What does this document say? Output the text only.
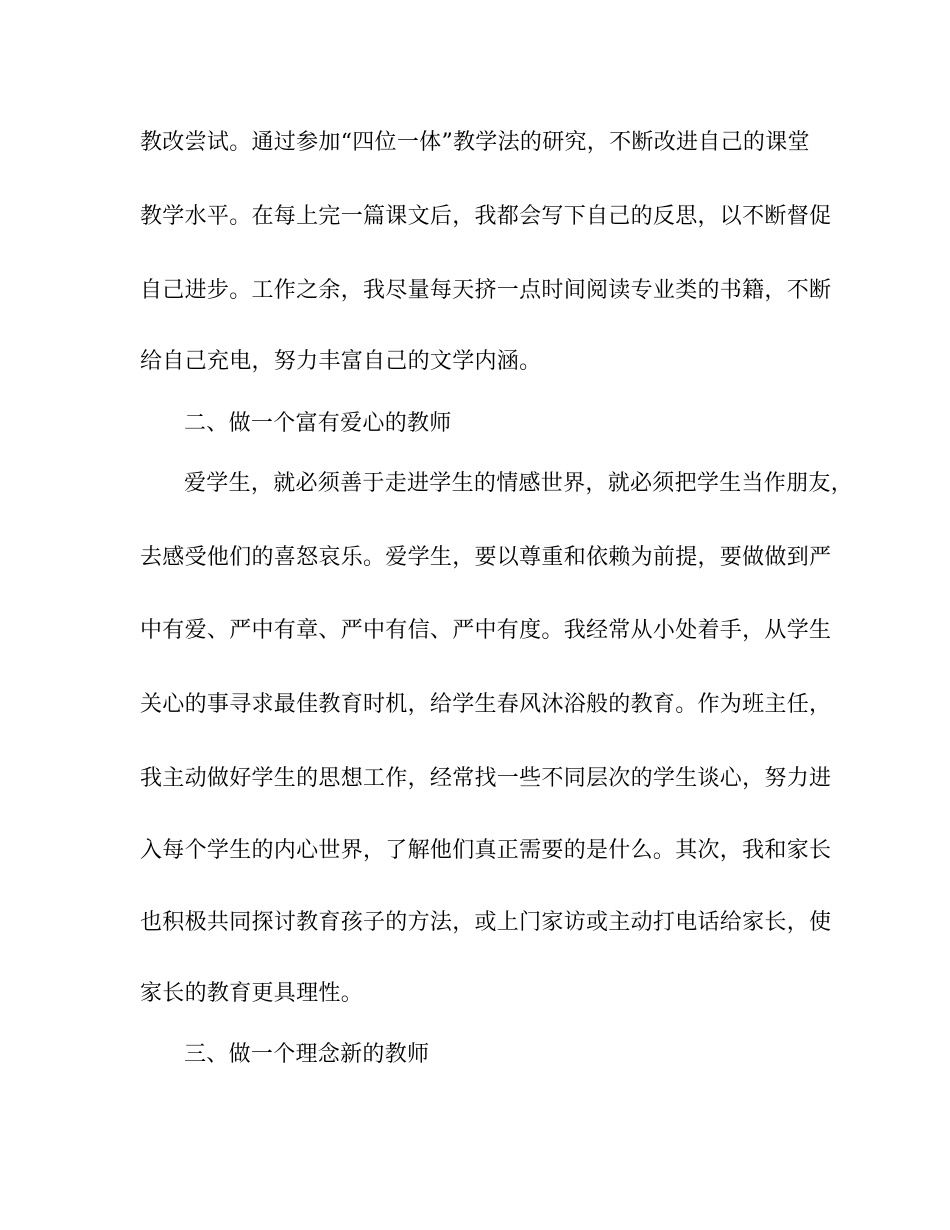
教改尝试。通过参加“四位一体”教学法的研究，不断改进自己的课堂

教学水平。在每上完一篇课文后，我都会写下自己的反思，以不断督促

自己进步。工作之余，我尽量每天挤一点时间阅读专业类的书籍，不断

给自己充电，努力丰富自己的文学内涵。

二、做一个富有爱心的教师

爱学生，就必须善于走进学生的情感世界，就必须把学生当作朋友，

去感受他们的喜怒哀乐。爱学生，要以尊重和依赖为前提，要做做到严

中有爱、严中有章、严中有信、严中有度。我经常从小处着手，从学生

关心的事寻求最佳教育时机，给学生春风沐浴般的教育。作为班主任，

我主动做好学生的思想工作，经常找一些不同层次的学生谈心，努力进

入每个学生的内心世界，了解他们真正需要的是什么。其次，我和家长

也积极共同探讨教育孩子的方法，或上门家访或主动打电话给家长，使

家长的教育更具理性。

三、做一个理念新的教师
